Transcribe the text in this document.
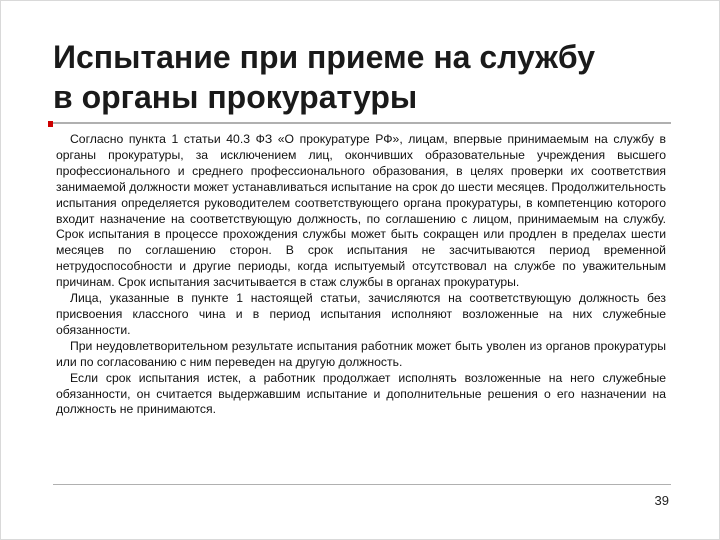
Испытание при приеме на службу
в органы прокуратуры

Согласно пункта 1 статьи 40.3 ФЗ «О прокуратуре РФ», лицам, впервые принимаемым на службу в органы прокуратуры, за исключением лиц, окончивших образовательные учреждения высшего профессионального и среднего профессионального образования, в целях проверки их соответствия занимаемой должности может устанавливаться испытание на срок до шести месяцев. Продолжительность испытания определяется руководителем соответствующего органа прокуратуры, в компетенцию которого входит назначение на соответствующую должность, по соглашению с лицом, принимаемым на службу. Срок испытания в процессе прохождения службы может быть сокращен или продлен в пределах шести месяцев по соглашению сторон. В срок испытания не засчитываются период временной нетрудоспособности и другие периоды, когда испытуемый отсутствовал на службе по уважительным причинам. Срок испытания засчитывается в стаж службы в органах прокуратуры.

Лица, указанные в пункте 1 настоящей статьи, зачисляются на соответствующую должность без присвоения классного чина и в период испытания исполняют возложенные на них служебные обязанности.

При неудовлетворительном результате испытания работник может быть уволен из органов прокуратуры или по согласованию с ним переведен на другую должность.

Если срок испытания истек, а работник продолжает исполнять возложенные на него служебные обязанности, он считается выдержавшим испытание и дополнительные решения о его назначении на должность не принимаются.

39
